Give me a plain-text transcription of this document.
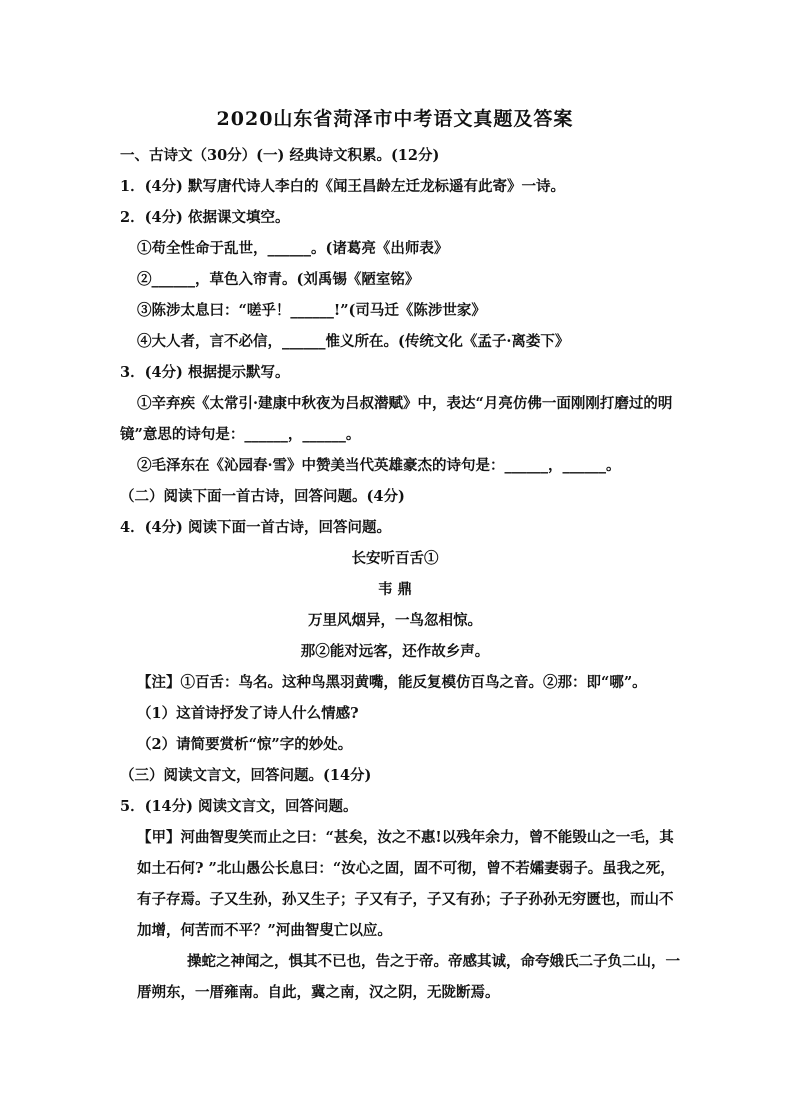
2020山东省菏泽市中考语文真题及答案
一、古诗文（30分）(一) 经典诗文积累。(12分)
1．(4分) 默写唐代诗人李白的《闻王昌龄左迁龙标遥有此寄》一诗。
2．(4分) 依据课文填空。
①苟全性命于乱世，______。(诸葛亮《出师表》
②______，草色入帘青。(刘禹锡《陋室铭》
③陈涉太息曰：“嗟乎！______!”(司马迁《陈涉世家》
④大人者，言不必信，______惟义所在。(传统文化《孟子·离娄下》
3．(4分) 根据提示默写。
①辛弃疾《太常引·建康中秋夜为吕叔潜赋》中，表达“月亮仿佛一面刚刚打磨过的明
镜”意思的诗句是：______，______。
②毛泽东在《沁园春·雪》中赞美当代英雄豪杰的诗句是：______，______。
（二）阅读下面一首古诗，回答问题。(4分)
4．(4分) 阅读下面一首古诗，回答问题。
长安听百舌①
韦 鼎
万里风烟异，一鸟忽相惊。
那②能对远客，还作故乡声。
【注】①百舌：鸟名。这种鸟黑羽黄嘴，能反复模仿百鸟之音。②那：即“哪”。
（1）这首诗抒发了诗人什么情感?
（2）请简要赏析“惊”字的妙处。
（三）阅读文言文，回答问题。(14分)
5．(14分) 阅读文言文，回答问题。
【甲】河曲智叟笑而止之曰：“甚矣，汝之不惠!以残年余力，曾不能毁山之一毛，其
如土石何? ”北山愚公长息曰：“汝心之固，固不可彻，曾不若孀妻弱子。虽我之死，
有子存焉。子又生孙，孙又生子；子又有子，子又有孙；子子孙孙无穷匮也，而山不
加增，何苦而不平？”河曲智叟亡以应。
操蛇之神闻之，惧其不已也，告之于帝。帝感其诚，命夸娥氏二子负二山，一
厝朔东，一厝雍南。自此，冀之南，汉之阴，无陇断焉。
